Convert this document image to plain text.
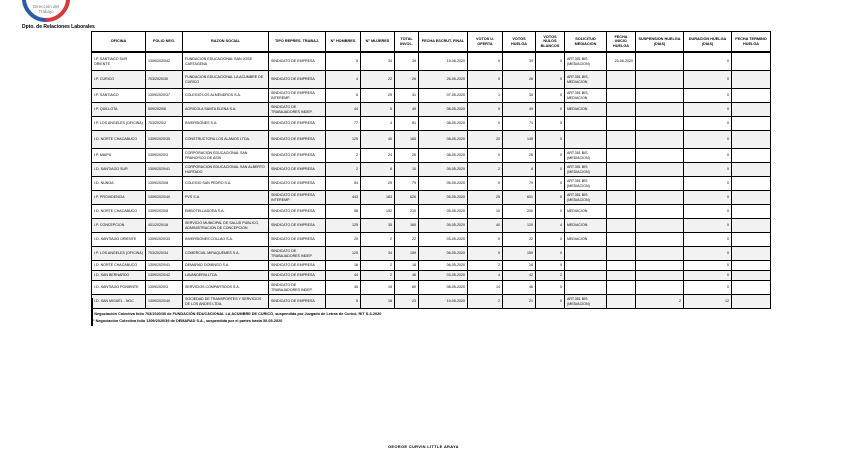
Dirección del
Trabajo
Dpto. de Relaciones Laborales
OFICINA	FOLIO NEG.	RAZON SOCIAL	TIPO REPRES. TRABAJ.	N° HOMBRES	N° MUJERES	TOTAL INVOL.	FECHA ESCRUT. FINAL	VOTOS U. OFERTA	VOTOS HUELGA	VOTOS NULOS BLANCOS	SOLICITUD MEDIACION	FECHA INICIO HUELGA	SUSPENSION HUELGA (DIAS)	DURACION HUELGA (DIAS)	FECHA TERMINO HUELGA
I.P. SANTIAGO SUR ORIENTE	1309/2020/42	FUNDACION EDUCACIONAL SAN JOSE CARTAGENA	SINDICATO DE EMPRESA	5	34	39	19-06-2020	0	39	0	ART.351 BIS (MEDIACION)	23-06-2020		0	
I.P. CURICO	703/2020/30	FUNDACION EDUCACIONAL LA ACUMBRE DE CURICO	SINDICATO DE EMPRESA	4	22	26	26-05-2020	0	26	0	ART.351 BIS, MEDIACION			0	
I.P. SANTIAGO	1309/2020/37	COLEGIO LOS ALMENDROS S.A.	SINDICATO DE EMPRESA INTEREMP.	6	25	31	07-05-2020	1	30	0	ART.351 BIS, MEDIACION			0	
I.P. QUILLOTA	509/2020/6	AGRICOLA SANTA ELENA S.A.	SINDICATO DE TRABAJADORES INDEP.	44	5	49	08-05-2020	0	49	0	MEDIACION			0	
I.P. LOS ANGELES (OFICINA)	703/2020/2	INVERSIONES S.A.	SINDICATO DE EMPRESA	77	4	81	08-05-2020	0	71	5				0	
I.D. NORTE CHACABUCO	1309/2020/35	CONSTRUCTORA LOS ALAMOS LTDA.	SINDICATO DE EMPRESA	125	40	165	08-05-2020	20	145	5				0	
I.P. MAIPU	1309/2020/3	CORPORACION EDUCACIONAL SAN FRANCISCO DE ASIS	SINDICATO DE EMPRESA	2	24	26	08-05-2020	0	26	0	ART.351 BIS (MEDIACION)			0	
I.D. SANTIAGO SUR	1309/2020/41	CORPORACION EDUCACIONAL SAN ALBERTO HURTADO	SINDICATO DE EMPRESA	2	8	10	05-05-2020	2	8	0	ART.351 BIS (MEDIACION)			0	
I.D. NUNOA	1309/2020/8	COLEGIO SAN PEDRO S.A.	SINDICATO DE EMPRESA	54	25	79	05-05-2020	0	79	0	ART.351 BIS (MEDIACION)			0	
I.P. PROVIDENCIA	1309/2020/40	PVS S.A.	SINDICATO DE EMPRESA INTEREMP.	443	183	626	05-05-2020	25	601	0	ART.351 BIS (MEDIACION)			0	
I.D. NORTE CHACABUCO	1309/2020/8	EMBOTELLADORA S.A.	SINDICATO DE EMPRESA	58	152	210	05-05-2020	10	200	0	MEDIACION			0	
I.P. CONCEPCION	401/2020/18	SERVICIO MUNICIPAL DE SALUD PUBLICO, ADMINISTRACION DE CONCEPCION	SINDICATO DE EMPRESA	125	35	160	05-05-2020	40	120	4	MEDIACION			0	
I.D. SANTIAGO ORIENTE	1309/2020/33	INVERSIONES COLLAO S.A.	SINDICATO DE EMPRESA	20	2	22	03-05-2020	0	22	0	MEDIACION			0	
I.P. LOS ANGELES (OFICINA)	703/2020/34	COMERCIAL MIRAQUEMES S.A.	SINDICATO DE TRABAJADORES INDEP.	125	34	159	06-05-2020	0	159	0				0	
I.D. NORTE CHACABUCO	1309/2020/41	DEMARAD DOMINGO S.A.	SINDICATO DE EMPRESA	16	2	18	06-05-2020	2	16	0				0	
I.D. SAN BERNARDO	1309/2020/42	LAVANDERIA LTDA.	SINDICATO DE EMPRESA	44	2	46	03-05-2020	4	42	2				0	
I.D. SANTIAGO PONIENTE	1309/2020/3	SERVICIOS COMPARTIDOS S.A.	SINDICATO DE TRABAJADORES INDEP.	45	15	60	08-05-2020	14	46	0				0	
I.D. SAN MIGUEL - NOC	1309/2020/40	SOCIEDAD DE TRANSPORTES Y SERVICIOS DE LOS ANDES LTDA.	SINDICATO DE EMPRESA	5	18	23	19-05-2020	2	21	0	ART.351 BIS (MEDIACION)		2	12	
¹ Negociación Colectiva folio 703/2020/30 de FUNDACIÓN EDUCACIONAL LA ACUMBRE DE CURICÓ, suspendida por Juzgado de Letras de Curicó, RIT S-3-2020
¹¹ Negociación Colectiva folio 1309/2020/39 de DEMARAD S.A., suspendida por el partes hasta 30-05-2020
GEORGE CURVIN LITTLE ARAYA
